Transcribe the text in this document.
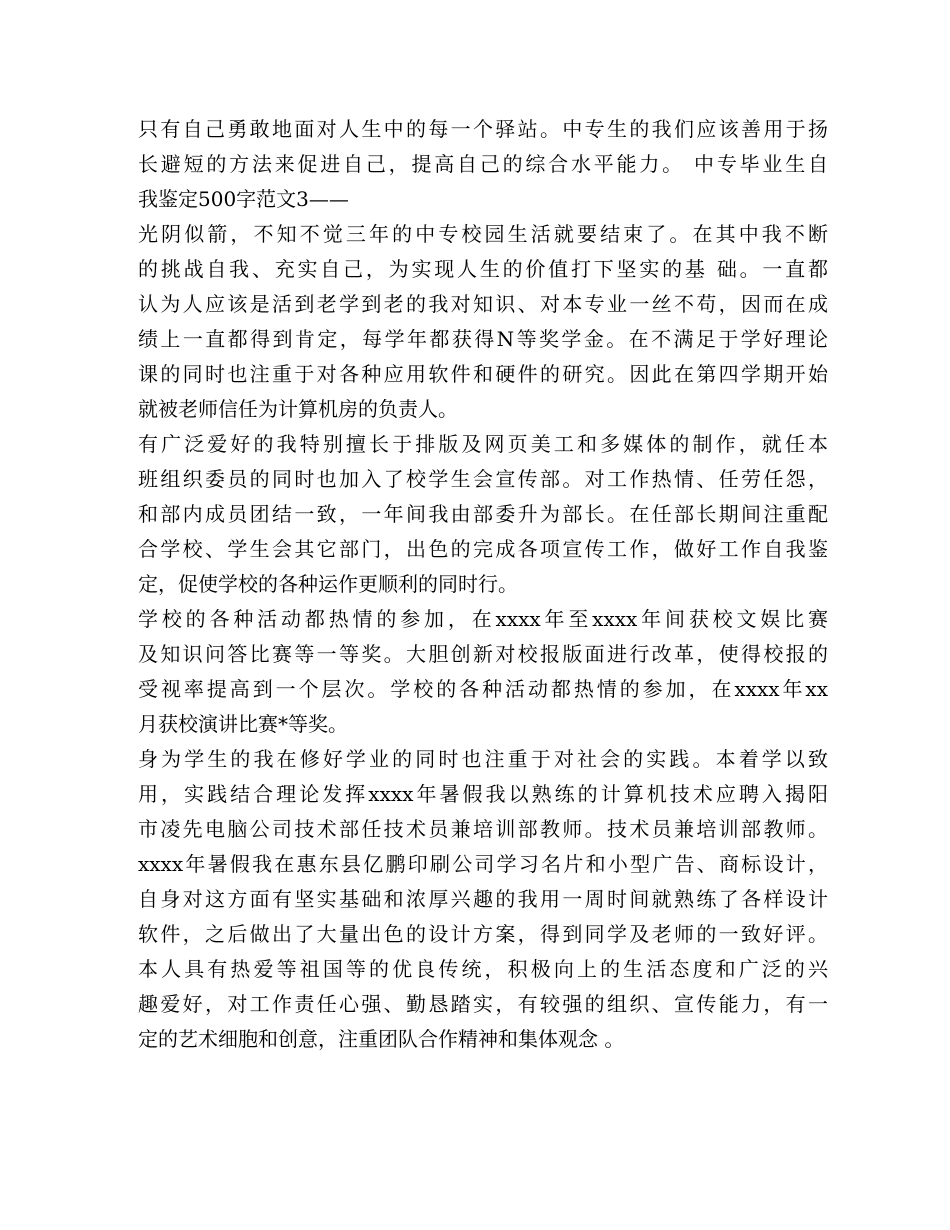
只有自己勇敢地面对人生中的每一个驿站。中专生的我们应该善用于扬
长避短的方法来促进自己，提高自己的综合水平能力。 中专毕业生自
我鉴定500字范文3——
光阴似箭，不知不觉三年的中专校园生活就要结束了。在其中我不断
的挑战自我、充实自己，为实现人生的价值打下坚实的基 础。一直都
认为人应该是活到老学到老的我对知识、对本专业一丝不苟，因而在成
绩上一直都得到肯定，每学年都获得N等奖学金。在不满足于学好理论
课的同时也注重于对各种应用软件和硬件的研究。因此在第四学期开始
就被老师信任为计算机房的负责人。
有广泛爱好的我特别擅长于排版及网页美工和多媒体的制作，就任本
班组织委员的同时也加入了校学生会宣传部。对工作热情、任劳任怨，
和部内成员团结一致，一年间我由部委升为部长。在任部长期间注重配
合学校、学生会其它部门，出色的完成各项宣传工作，做好工作自我鉴
定，促使学校的各种运作更顺利的同时行。
学校的各种活动都热情的参加，在xxxx年至xxxx年间获校文娱比赛
及知识问答比赛等一等奖。大胆创新对校报版面进行改革，使得校报的
受视率提高到一个层次。学校的各种活动都热情的参加，在xxxx年xx
月获校演讲比赛*等奖。
身为学生的我在修好学业的同时也注重于对社会的实践。本着学以致
用，实践结合理论发挥xxxx年暑假我以熟练的计算机技术应聘入揭阳
市凌先电脑公司技术部任技术员兼培训部教师。技术员兼培训部教师。
xxxx年暑假我在惠东县亿鹏印刷公司学习名片和小型广告、商标设计，
自身对这方面有坚实基础和浓厚兴趣的我用一周时间就熟练了各样设计
软件，之后做出了大量出色的设计方案，得到同学及老师的一致好评。
本人具有热爱等祖国等的优良传统，积极向上的生活态度和广泛的兴
趣爱好，对工作责任心强、勤恳踏实，有较强的组织、宣传能力，有一
定的艺术细胞和创意，注重团队合作精神和集体观念 。
